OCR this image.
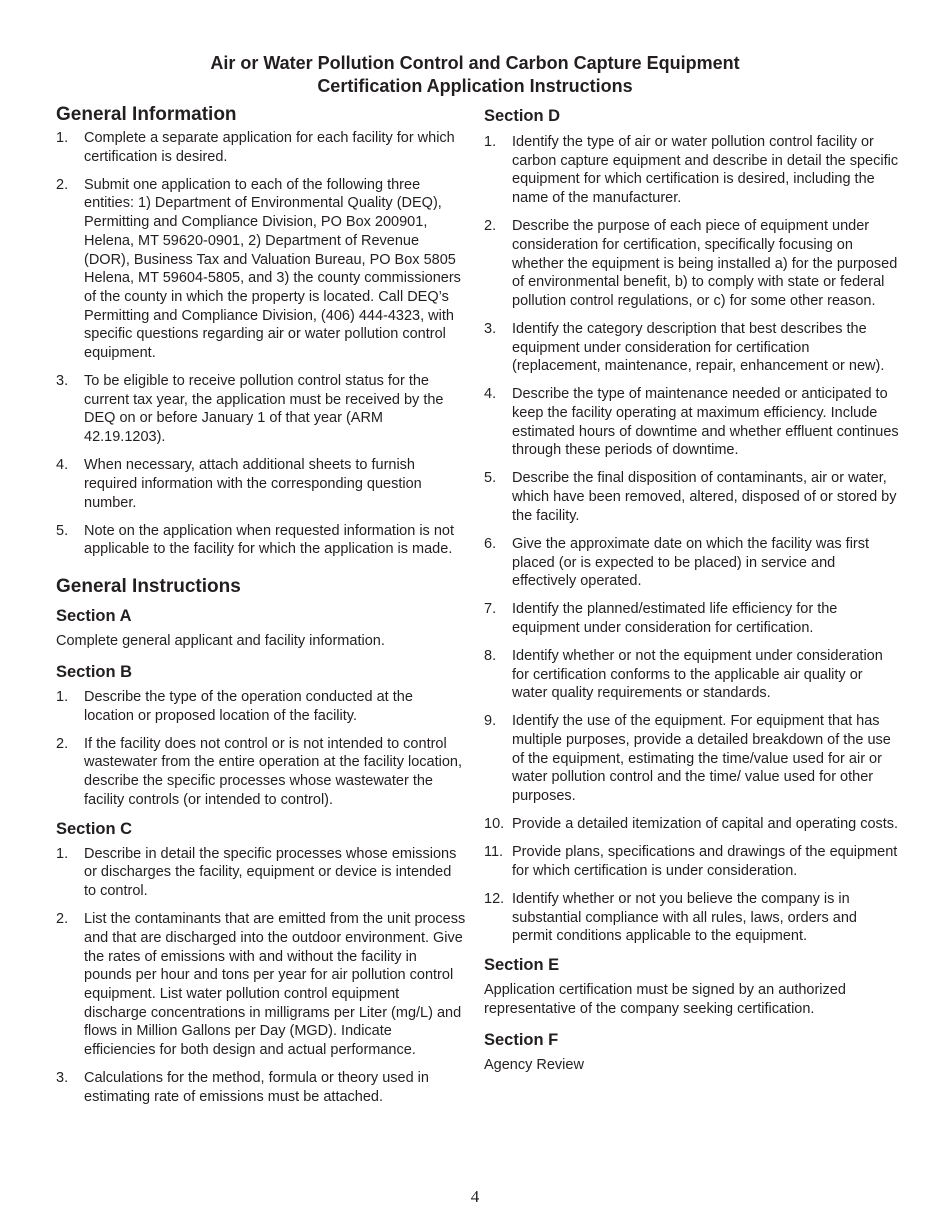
Air or Water Pollution Control and Carbon Capture Equipment
Certification Application Instructions
General Information
1. Complete a separate application for each facility for which certification is desired.
2. Submit one application to each of the following three entities: 1) Department of Environmental Quality (DEQ), Permitting and Compliance Division, PO Box 200901, Helena, MT 59620-0901, 2) Department of Revenue (DOR), Business Tax and Valuation Bureau, PO Box 5805 Helena, MT 59604-5805, and 3) the county commissioners of the county in which the property is located. Call DEQ’s Permitting and Compliance Division, (406) 444-4323, with specific questions regarding air or water pollution control equipment.
3. To be eligible to receive pollution control status for the current tax year, the application must be received by the DEQ on or before January 1 of that year (ARM 42.19.1203).
4. When necessary, attach additional sheets to furnish required information with the corresponding question number.
5. Note on the application when requested information is not applicable to the facility for which the application is made.
General Instructions
Section A

Complete general applicant and facility information.

Section B
1. Describe the type of the operation conducted at the location or proposed location of the facility.
2. If the facility does not control or is not intended to control wastewater from the entire operation at the facility location, describe the specific processes whose wastewater the facility controls (or intended to control).
Section C
1. Describe in detail the specific processes whose emissions or discharges the facility, equipment or device is intended to control.
2. List the contaminants that are emitted from the unit process and that are discharged into the outdoor environment. Give the rates of emissions with and without the facility in pounds per hour and tons per year for air pollution control equipment. List water pollution control equipment discharge concentrations in milligrams per Liter (mg/L) and flows in Million Gallons per Day (MGD). Indicate efficiencies for both design and actual performance.
3. Calculations for the method, formula or theory used in estimating rate of emissions must be attached.
Section D
1. Identify the type of air or water pollution control facility or carbon capture equipment and describe in detail the specific equipment for which certification is desired, including the name of the manufacturer.
2. Describe the purpose of each piece of equipment under consideration for certification, specifically focusing on whether the equipment is being installed a) for the purposed of environmental benefit, b) to comply with state or federal pollution control regulations, or c) for some other reason.
3. Identify the category description that best describes the equipment under consideration for certification (replacement, maintenance, repair, enhancement or new).
4. Describe the type of maintenance needed or anticipated to keep the facility operating at maximum efficiency. Include estimated hours of downtime and whether effluent continues through these periods of downtime.
5. Describe the final disposition of contaminants, air or water, which have been removed, altered, disposed of or stored by the facility.
6. Give the approximate date on which the facility was first placed (or is expected to be placed) in service and effectively operated.
7. Identify the planned/estimated life efficiency for the equipment under consideration for certification.
8. Identify whether or not the equipment under consideration for certification conforms to the applicable air quality or water quality requirements or standards.
9. Identify the use of the equipment. For equipment that has multiple purposes, provide a detailed breakdown of the use of the equipment, estimating the time/value used for air or water pollution control and the time/ value used for other purposes.
10. Provide a detailed itemization of capital and operating costs.
11. Provide plans, specifications and drawings of the equipment for which certification is under consideration.
12. Identify whether or not you believe the company is in substantial compliance with all rules, laws, orders and permit conditions applicable to the equipment.
Section E

Application certification must be signed by an authorized representative of the company seeking certification.

Section F

Agency Review

4
